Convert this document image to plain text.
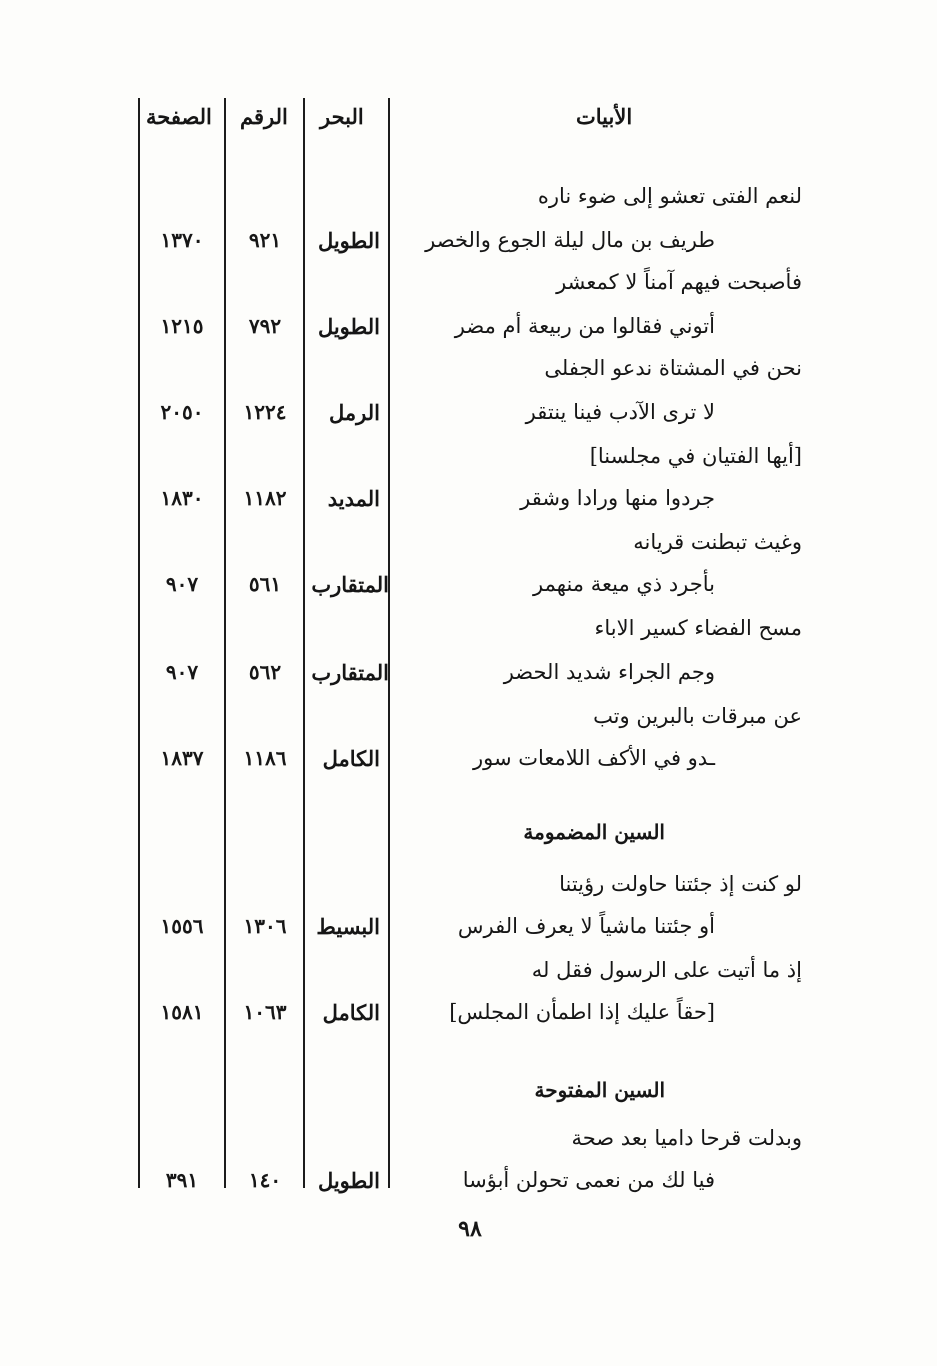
الأبيات
البحر
الرقم
الصفحة
لنعم الفتى تعشو إلى ضوء ناره
طريف بن مال ليلة الجوع والخصر
الطويل
٩٢١
١٣٧٠
فأصبحت فيهم آمناً لا كمعشر
أتوني فقالوا من ربيعة أم مضر
الطويل
٧٩٢
١٢١٥
نحن في المشتاة ندعو الجفلى
لا ترى الآدب فينا ينتقر
الرمل
١٢٢٤
٢٠٥٠
[أيها الفتيان في مجلسنا]
جردوا منها ورادا وشقر
المديد
١١٨٢
١٨٣٠
وغيث تبطنت قريانه
بأجرد ذي ميعة منهمر
المتقارب
٥٦١
٩٠٧
مسح الفضاء كسير الاباء
وجم الجراء شديد الحضر
المتقارب
٥٦٢
٩٠٧
عن مبرقات بالبرين وتب
ـدو في الأكف اللامعات سور
الكامل
١١٨٦
١٨٣٧
السين المضمومة
لو كنت إذ جئتنا حاولت رؤيتنا
أو جئتنا ماشياً لا يعرف الفرس
البسيط
١٣٠٦
١٥٥٦
إذ ما أتيت على الرسول فقل له
[حقاً عليك إذا اطمأن المجلس]
الكامل
١٠٦٣
١٥٨١
السين المفتوحة
وبدلت قرحا داميا بعد صحة
فيا لك من نعمى تحولن أبؤسا
الطويل
١٤٠
٣٩١
٩٨
